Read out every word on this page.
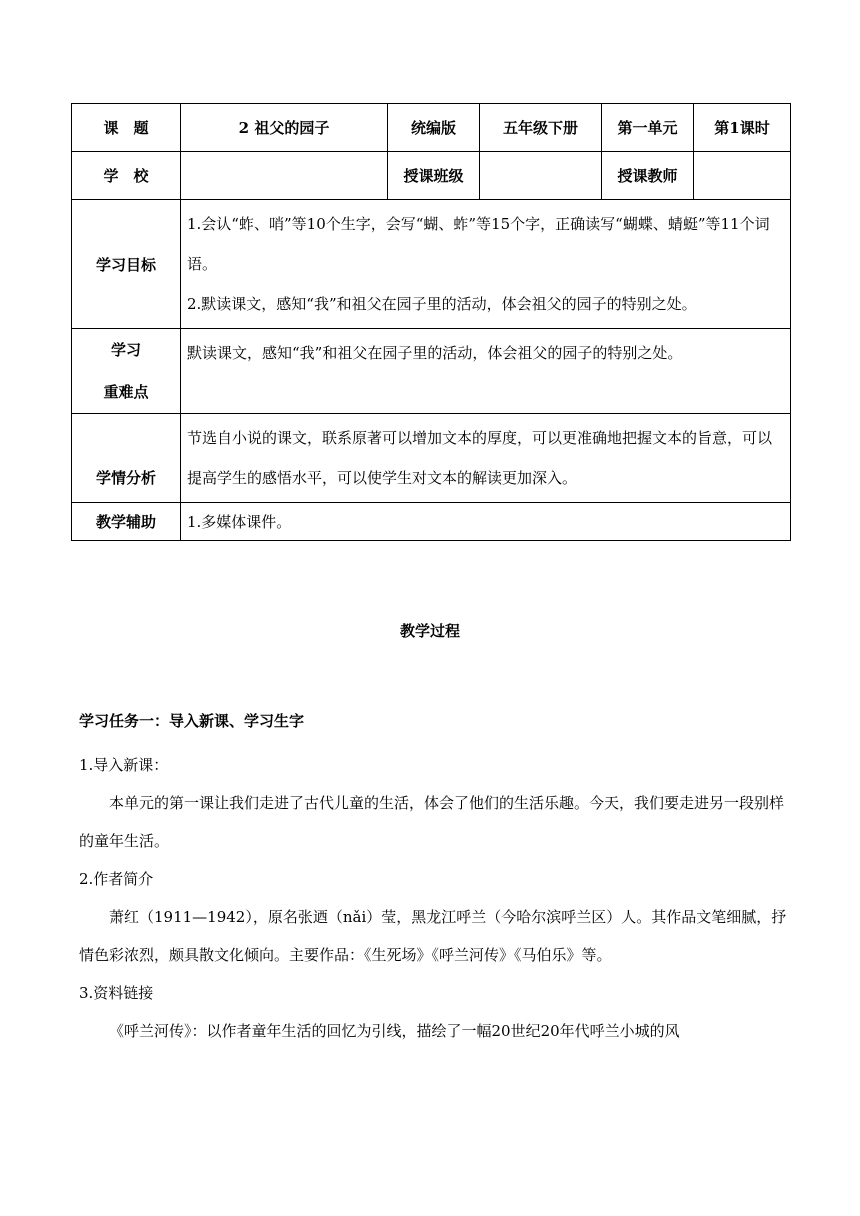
课　题	2 祖父的园子	统编版	五年级下册	第一单元	第1课时
学　校		授课班级		授课教师	
学习目标	1.会认“蚱、哨”等10个生字，会写“蝴、蚱”等15个字，正确读写“蝴蝶、蜻蜓”等11个词语。
2.默读课文，感知“我”和祖父在园子里的活动，体会祖父的园子的特别之处。				

学习
重难点	默读课文，感知“我”和祖父在园子里的活动，体会祖父的园子的特别之处。				
学情分析	节选自小说的课文，联系原著可以增加文本的厚度，可以更准确地把握文本的旨意，可以提高学生的感悟水平，可以使学生对文本的解读更加深入。				
教学辅助	1.多媒体课件。				
教学过程

学习任务一：导入新课、学习生字

1.导入新课：

本单元的第一课让我们走进了古代儿童的生活，体会了他们的生活乐趣。今天，我们要走进另一段别样的童年生活。

2.作者简介

萧红（1911—1942），原名张迺（nǎi）莹，黑龙江呼兰（今哈尔滨呼兰区）人。其作品文笔细腻，抒情色彩浓烈，颇具散文化倾向。主要作品：《生死场》《呼兰河传》《马伯乐》等。

3.资料链接

《呼兰河传》：以作者童年生活的回忆为引线，描绘了一幅20世纪20年代呼兰小城的风
